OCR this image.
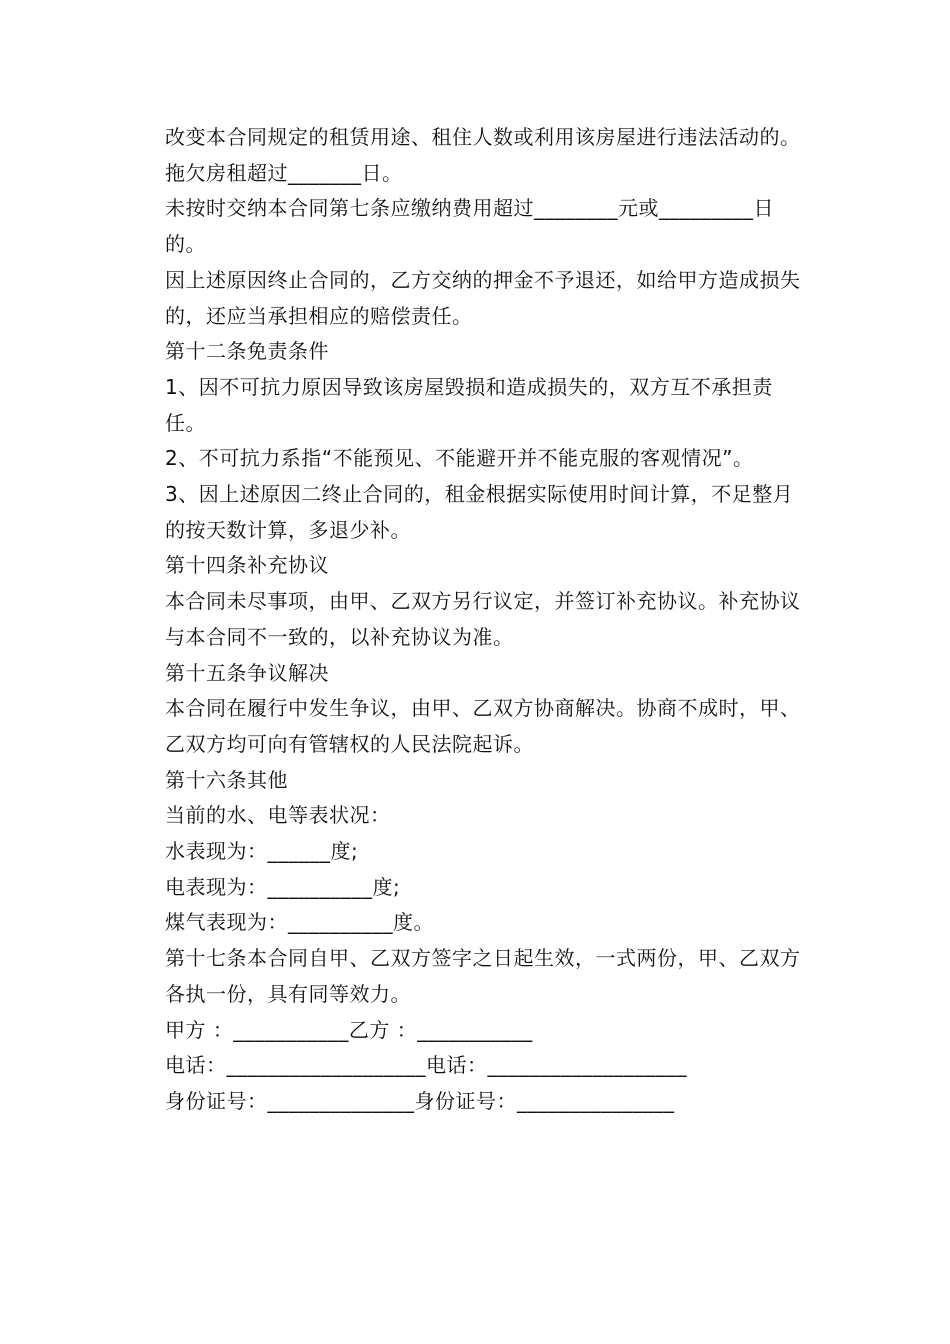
改变本合同规定的租赁用途、租住人数或利用该房屋进行违法活动的。
拖欠房租超过_______日。
未按时交纳本合同第七条应缴纳费用超过________元或_________日的。
因上述原因终止合同的，乙方交纳的押金不予退还，如给甲方造成损失的，还应当承担相应的赔偿责任。
第十二条免责条件
1、因不可抗力原因导致该房屋毁损和造成损失的，双方互不承担责任。
2、不可抗力系指“不能预见、不能避开并不能克服的客观情况”。
3、因上述原因二终止合同的，租金根据实际使用时间计算，不足整月的按天数计算，多退少补。
第十四条补充协议
本合同未尽事项，由甲、乙双方另行议定，并签订补充协议。补充协议与本合同不一致的，以补充协议为准。
第十五条争议解决
本合同在履行中发生争议，由甲、乙双方协商解决。协商不成时，甲、乙双方均可向有管辖权的人民法院起诉。
第十六条其他
当前的水、电等表状况：
水表现为：______度;
电表现为：__________度;
煤气表现为：__________度。
第十七条本合同自甲、乙双方签字之日起生效，一式两份，甲、乙双方各执一份，具有同等效力。
甲方 ：___________乙方 ：___________
电话：___________________电话：___________________
身份证号：______________身份证号：_______________
